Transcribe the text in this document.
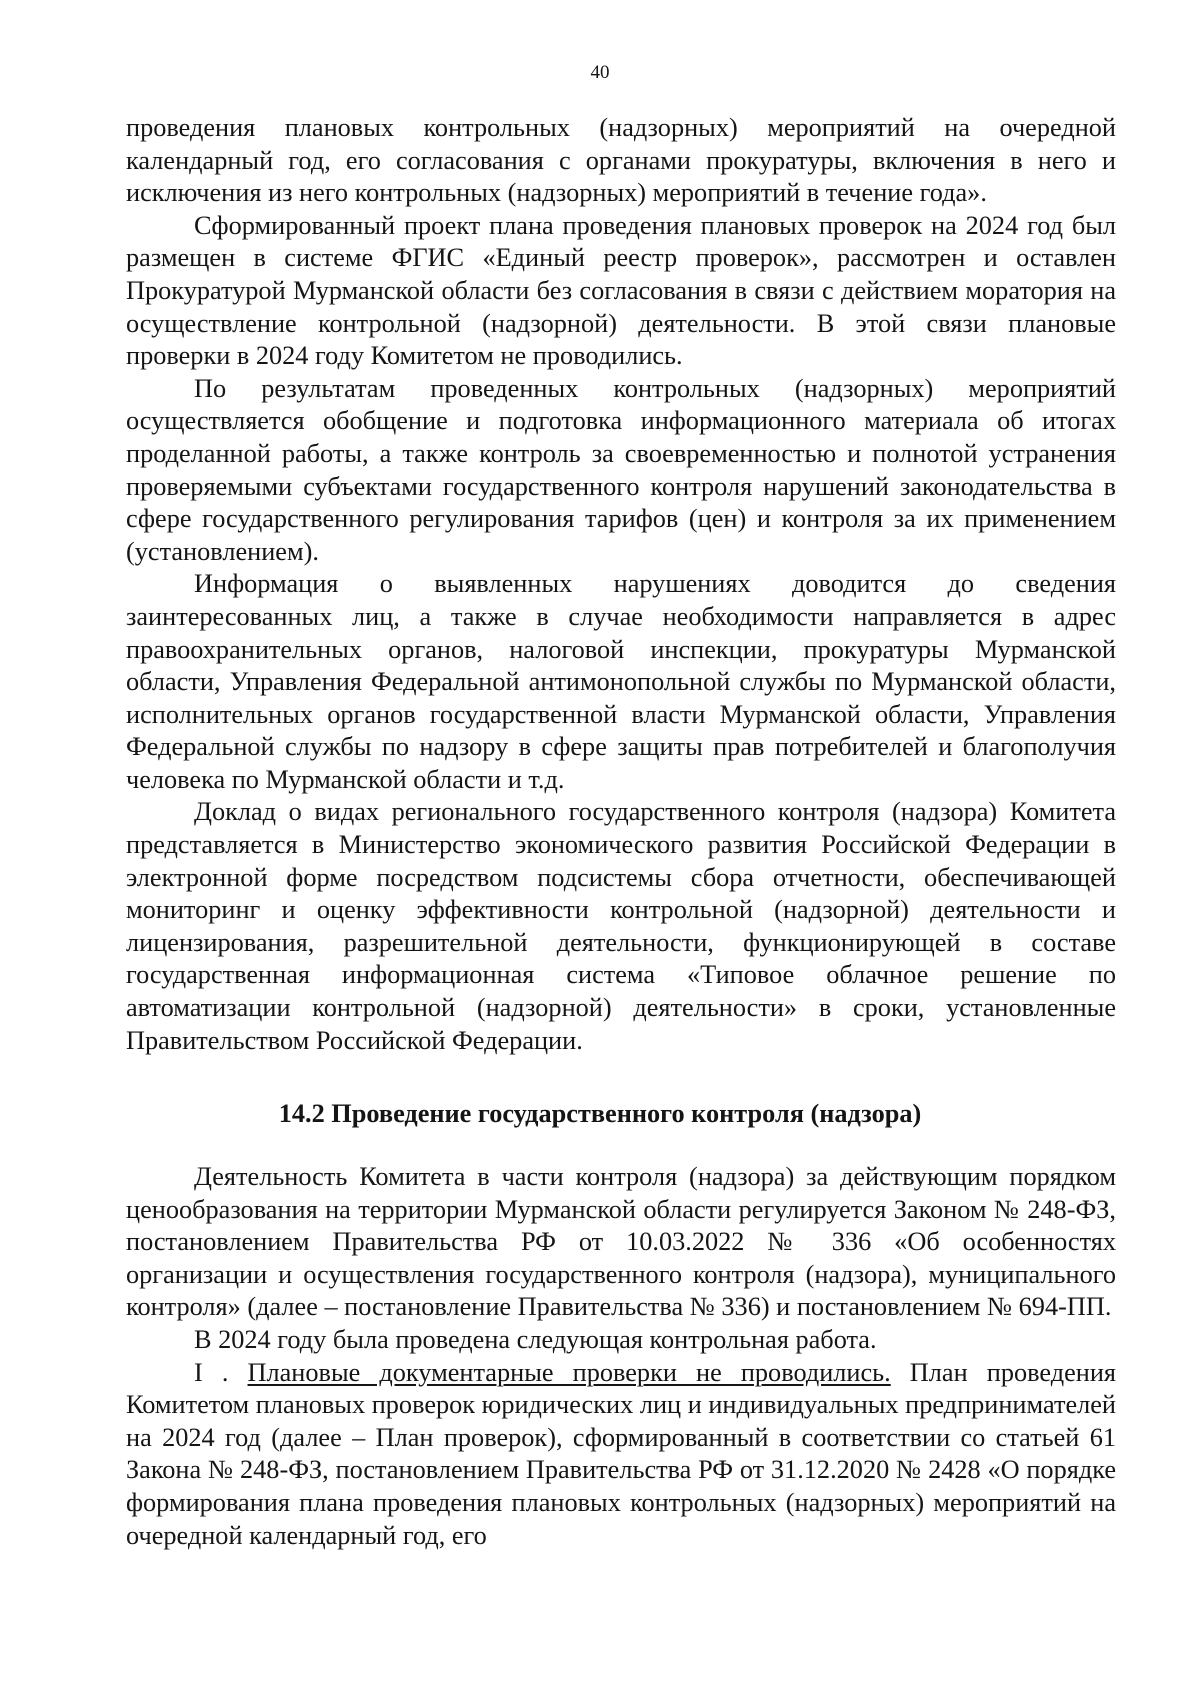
40

проведения плановых контрольных (надзорных) мероприятий на очередной календарный год, его согласования с органами прокуратуры, включения в него и исключения из него контрольных (надзорных) мероприятий в течение года».

Сформированный проект плана проведения плановых проверок на 2024 год был размещен в системе ФГИС «Единый реестр проверок», рассмотрен и оставлен Прокуратурой Мурманской области без согласования в связи с действием моратория на осуществление контрольной (надзорной) деятельности. В этой связи плановые проверки в 2024 году Комитетом не проводились.

По результатам проведенных контрольных (надзорных) мероприятий осуществляется обобщение и подготовка информационного материала об итогах проделанной работы, а также контроль за своевременностью и полнотой устранения проверяемыми субъектами государственного контроля нарушений законодательства в сфере государственного регулирования тарифов (цен) и контроля за их применением (установлением).

Информация о выявленных нарушениях доводится до сведения заинтересованных лиц, а также в случае необходимости направляется в адрес правоохранительных органов, налоговой инспекции, прокуратуры Мурманской области, Управления Федеральной антимонопольной службы по Мурманской области, исполнительных органов государственной власти Мурманской области, Управления Федеральной службы по надзору в сфере защиты прав потребителей и благополучия человека по Мурманской области и т.д.

Доклад о видах регионального государственного контроля (надзора) Комитета представляется в Министерство экономического развития Российской Федерации в электронной форме посредством подсистемы сбора отчетности, обеспечивающей мониторинг и оценку эффективности контрольной (надзорной) деятельности и лицензирования, разрешительной деятельности, функционирующей в составе государственная информационная система «Типовое облачное решение по автоматизации контрольной (надзорной) деятельности» в сроки, установленные Правительством Российской Федерации.

14.2 Проведение государственного контроля (надзора)

Деятельность Комитета в части контроля (надзора) за действующим порядком ценообразования на территории Мурманской области регулируется Законом № 248-ФЗ, постановлением Правительства РФ от 10.03.2022 № 336 «Об особенностях организации и осуществления государственного контроля (надзора), муниципального контроля» (далее – постановление Правительства № 336) и постановлением № 694-ПП.

В 2024 году была проведена следующая контрольная работа.

I . Плановые документарные проверки не проводились. План проведения Комитетом плановых проверок юридических лиц и индивидуальных предпринимателей на 2024 год (далее – План проверок), сформированный в соответствии со статьей 61 Закона № 248-ФЗ, постановлением Правительства РФ от 31.12.2020 № 2428 «О порядке формирования плана проведения плановых контрольных (надзорных) мероприятий на очередной календарный год, его
